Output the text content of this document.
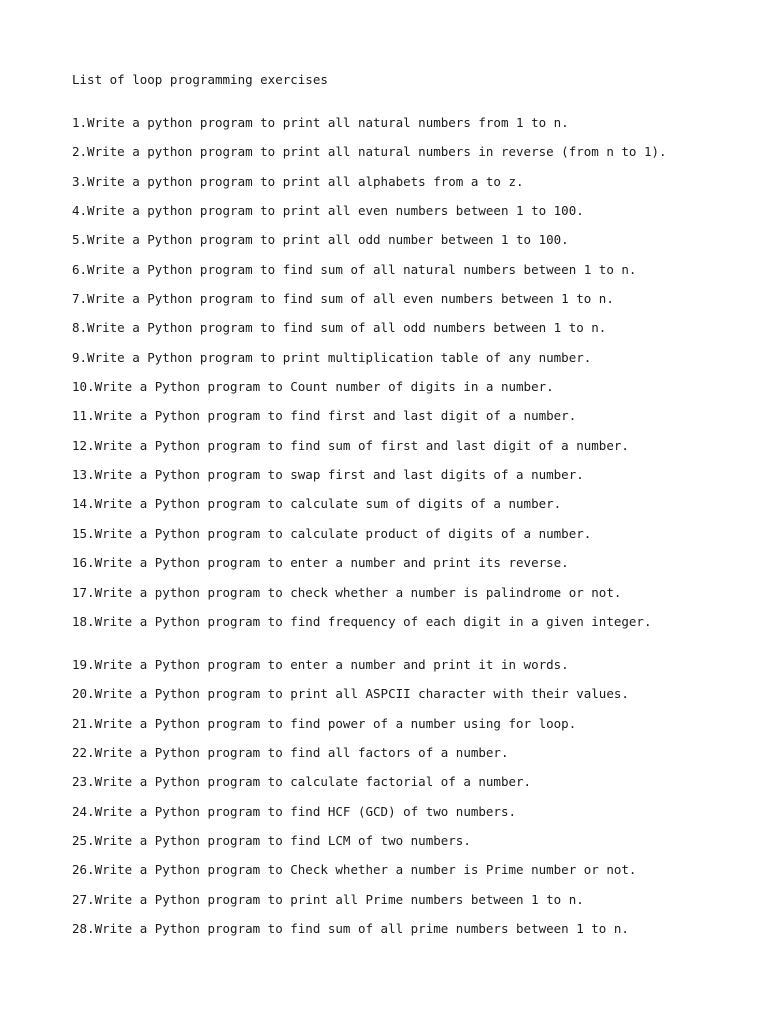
List of loop programming exercises
1.Write a python program to print all natural numbers from 1 to n.
2.Write a python program to print all natural numbers in reverse (from n to 1).
3.Write a python program to print all alphabets from a to z.
4.Write a python program to print all even numbers between 1 to 100.
5.Write a Python program to print all odd number between 1 to 100.
6.Write a Python program to find sum of all natural numbers between 1 to n.
7.Write a Python program to find sum of all even numbers between 1 to n.
8.Write a Python program to find sum of all odd numbers between 1 to n.
9.Write a Python program to print multiplication table of any number.
10.Write a Python program to Count number of digits in a number.
11.Write a Python program to find first and last digit of a number.
12.Write a Python program to find sum of first and last digit of a number.
13.Write a Python program to swap first and last digits of a number.
14.Write a Python program to calculate sum of digits of a number.
15.Write a Python program to calculate product of digits of a number.
16.Write a Python program to enter a number and print its reverse.
17.Write a python program to check whether a number is palindrome or not.
18.Write a Python program to find frequency of each digit in a given integer.
19.Write a Python program to enter a number and print it in words.
20.Write a Python program to print all ASPCII character with their values.
21.Write a Python program to find power of a number using for loop.
22.Write a Python program to find all factors of a number.
23.Write a Python program to calculate factorial of a number.
24.Write a Python program to find HCF (GCD) of two numbers.
25.Write a Python program to find LCM of two numbers.
26.Write a Python program to Check whether a number is Prime number or not.
27.Write a Python program to print all Prime numbers between 1 to n.
28.Write a Python program to find sum of all prime numbers between 1 to n.
